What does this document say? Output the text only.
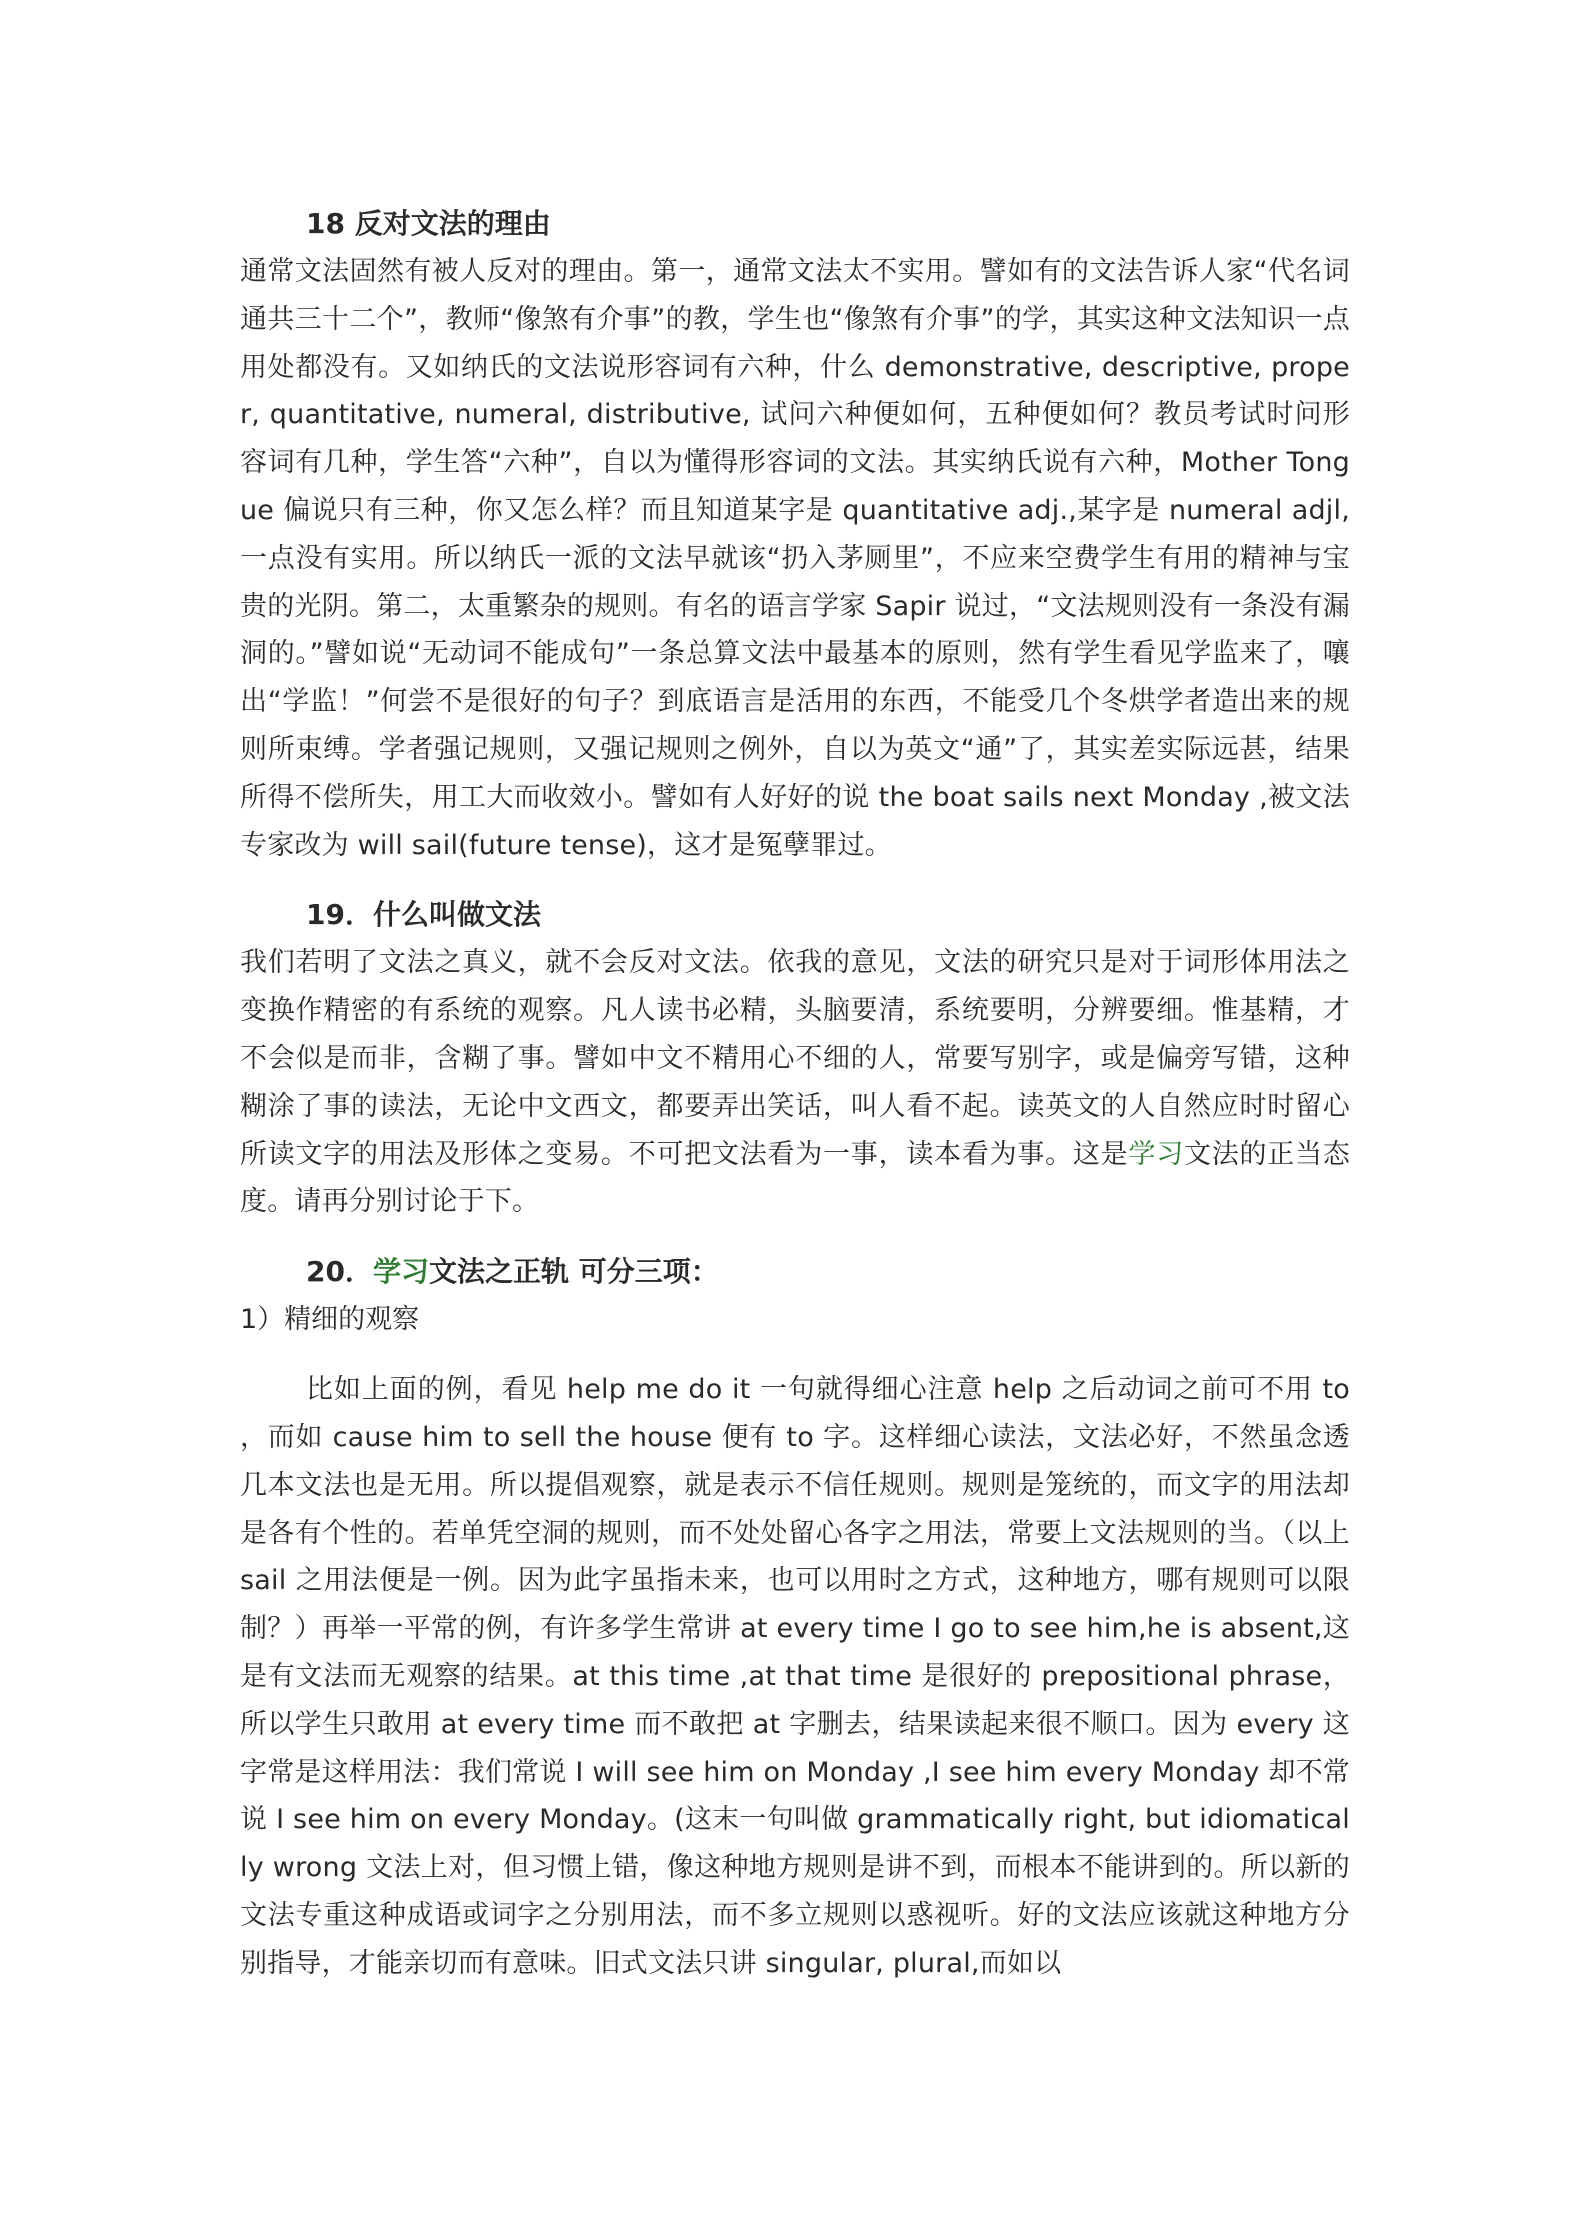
18 反对文法的理由

通常文法固然有被人反对的理由。第一，通常文法太不实用。譬如有的文法告诉人家“代名词通共三十二个”，教师“像煞有介事”的教，学生也“像煞有介事”的学，其实这种文法知识一点用处都没有。又如纳氏的文法说形容词有六种，什么 demonstrative, descriptive, proper, quantitative, numeral, distributive, 试问六种便如何，五种便如何？教员考试时问形容词有几种，学生答“六种”，自以为懂得形容词的文法。其实纳氏说有六种，Mother Tongue 偏说只有三种，你又怎么样？而且知道某字是 quantitative adj.,某字是 numeral adjl, 一点没有实用。所以纳氏一派的文法早就该“扔入茅厕里”，不应来空费学生有用的精神与宝贵的光阴。第二，太重繁杂的规则。有名的语言学家 Sapir 说过，“文法规则没有一条没有漏洞的。”譬如说“无动词不能成句”一条总算文法中最基本的原则，然有学生看见学监来了，嚷出“学监！”何尝不是很好的句子？到底语言是活用的东西，不能受几个冬烘学者造出来的规则所束缚。学者强记规则，又强记规则之例外，自以为英文“通”了，其实差实际远甚，结果所得不偿所失，用工大而收效小。譬如有人好好的说 the boat sails next Monday ,被文法专家改为 will sail(future tense)，这才是冤孽罪过。

19．什么叫做文法

我们若明了文法之真义，就不会反对文法。依我的意见，文法的研究只是对于词形体用法之变换作精密的有系统的观察。凡人读书必精，头脑要清，系统要明，分辨要细。惟基精，才不会似是而非，含糊了事。譬如中文不精用心不细的人，常要写别字，或是偏旁写错，这种糊涂了事的读法，无论中文西文，都要弄出笑话，叫人看不起。读英文的人自然应时时留心所读文字的用法及形体之变易。不可把文法看为一事，读本看为事。这是学习文法的正当态度。请再分别讨论于下。

20．学习文法之正轨 可分三项：

1）精细的观察

比如上面的例，看见 help me do it 一句就得细心注意 help 之后动词之前可不用 to ，而如 cause him to sell the house 便有 to 字。这样细心读法，文法必好，不然虽念透几本文法也是无用。所以提倡观察，就是表示不信任规则。规则是笼统的，而文字的用法却是各有个性的。若单凭空洞的规则，而不处处留心各字之用法，常要上文法规则的当。（以上 sail 之用法便是一例。因为此字虽指未来，也可以用时之方式，这种地方，哪有规则可以限制？）再举一平常的例，有许多学生常讲 at every time I go to see him,he is absent,这是有文法而无观察的结果。at this time ,at that time 是很好的 prepositional phrase，所以学生只敢用 at every time 而不敢把 at 字删去，结果读起来很不顺口。因为 every 这字常是这样用法：我们常说 I will see him on Monday ,I see him every Monday 却不常说 I see him on every Monday。(这末一句叫做 grammatically right, but idiomatically wrong 文法上对，但习惯上错，像这种地方规则是讲不到，而根本不能讲到的。所以新的文法专重这种成语或词字之分别用法，而不多立规则以惑视听。好的文法应该就这种地方分别指导，才能亲切而有意味。旧式文法只讲 singular, plural,而如以
